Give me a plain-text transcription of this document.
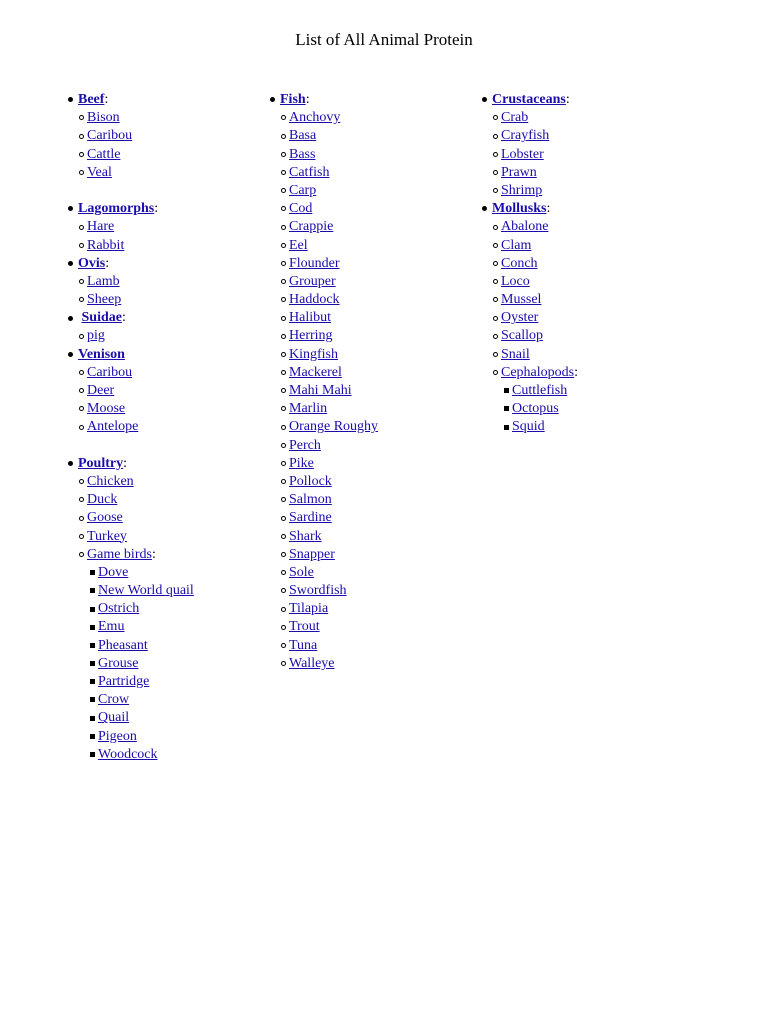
List of All Animal Protein
Beef :
Bison
Caribou
Cattle
Veal
Lagomorphs :
Hare
Rabbit
Ovis :
Lamb
Sheep

Suidae :
pig
Venison
Caribou
Deer
Moose
Antelope
Poultry :
Chicken
Duck
Goose
Turkey
Game birds :
Dove
New World quail
Ostrich
Emu
Pheasant
Grouse
Partridge
Crow
Quail
Pigeon
Woodcock
Fish :
Anchovy
Basa
Bass
Catfish
Carp
Cod
Crappie
Eel
Flounder
Grouper
Haddock
Halibut
Herring
Kingfish
Mackerel
Mahi Mahi
Marlin
Orange Roughy
Perch
Pike
Pollock
Salmon
Sardine
Shark
Snapper
Sole
Swordfish
Tilapia
Trout
Tuna
Walleye
Crustaceans :
Crab
Crayfish
Lobster
Prawn
Shrimp
Mollusks :
Abalone
Clam
Conch
Loco
Mussel
Oyster
Scallop
Snail
Cephalopods :
Cuttlefish
Octopus
Squid
